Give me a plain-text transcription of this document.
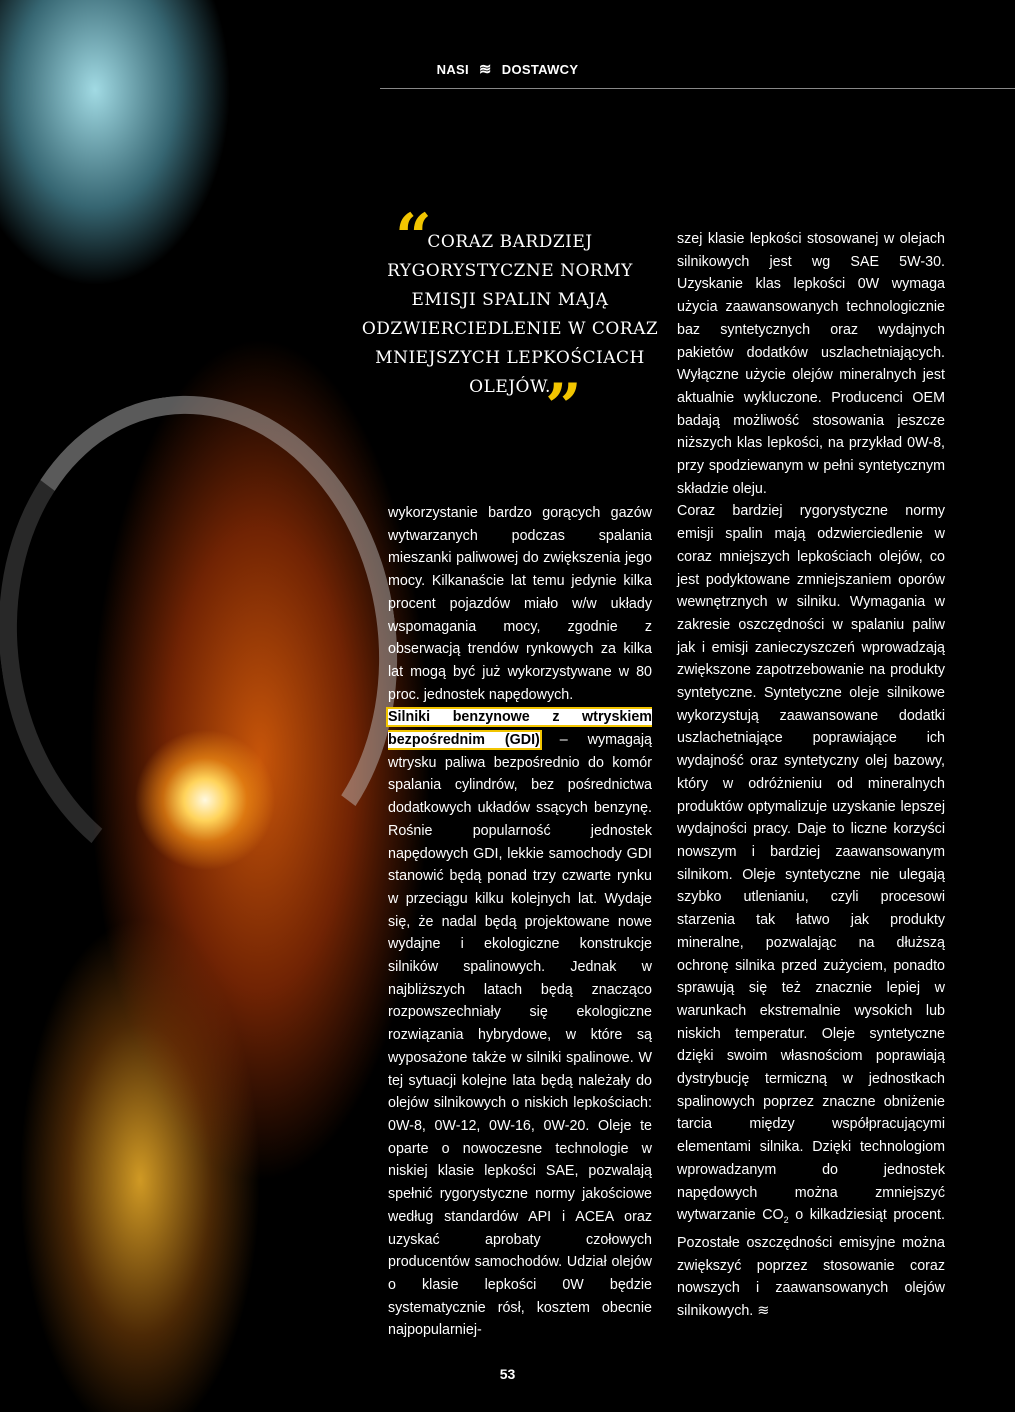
NASI ≋ DOSTAWCY
“
CORAZ BARDZIEJ RYGORYSTYCZNE NORMY EMISJI SPALIN MAJĄ ODZWIERCIEDLENIE W CORAZ MNIEJSZYCH LEPKOŚCIACH OLEJÓW.
”

wykorzystanie bardzo gorących gazów wytwarzanych podczas spalania mieszanki paliwowej do zwiększenia jego mocy. Kilkanaście lat temu jedynie kilka procent pojazdów miało w/w układy wspomagania mocy, zgodnie z obserwacją trendów rynkowych za kilka lat mogą być już wykorzystywane w 80 proc. jednostek napędowych.

Silniki benzynowe z wtryskiem bezpośrednim (GDI) – wymagają wtrysku paliwa bezpośrednio do komór spalania cylindrów, bez pośrednictwa dodatkowych układów ssących benzynę. Rośnie popularność jednostek napędowych GDI, lekkie samochody GDI stanowić będą ponad trzy czwarte rynku w przeciągu kilku kolejnych lat. Wydaje się, że nadal będą projektowane nowe wydajne i ekologiczne konstrukcje silników spalinowych. Jednak w najbliższych latach będą znacząco rozpowszechniały się ekologiczne rozwiązania hybrydowe, w które są wyposażone także w silniki spalinowe. W tej sytuacji kolejne lata będą należały do olejów silnikowych o niskich lepkościach: 0W-8, 0W-12, 0W-16, 0W-20. Oleje te oparte o nowoczesne technologie w niskiej klasie lepkości SAE, pozwalają spełnić rygorystyczne normy jakościowe według standardów API i ACEA oraz uzyskać aprobaty czołowych producentów samochodów. Udział olejów o klasie lepkości 0W będzie systematycznie rósł, kosztem obecnie najpopularniej-

szej klasie lepkości stosowanej w olejach silnikowych jest wg SAE 5W-30. Uzyskanie klas lepkości 0W wymaga użycia zaawansowanych technologicznie baz syntetycznych oraz wydajnych pakietów dodatków uszlachetniających. Wyłączne użycie olejów mineralnych jest aktualnie wykluczone. Producenci OEM badają możliwość stosowania jeszcze niższych klas lepkości, na przykład 0W-8, przy spodziewanym w pełni syntetycznym składzie oleju.

Coraz bardziej rygorystyczne normy emisji spalin mają odzwierciedlenie w coraz mniejszych lepkościach olejów, co jest podyktowane zmniejszaniem oporów wewnętrznych w silniku. Wymagania w zakresie oszczędności w spalaniu paliw jak i emisji zanieczyszczeń wprowadzają zwiększone zapotrzebowanie na produkty syntetyczne. Syntetyczne oleje silnikowe wykorzystują zaawansowane dodatki uszlachetniające poprawiające ich wydajność oraz syntetyczny olej bazowy, który w odróżnieniu od mineralnych produktów optymalizuje uzyskanie lepszej wydajności pracy. Daje to liczne korzyści nowszym i bardziej zaawansowanym silnikom. Oleje syntetyczne nie ulegają szybko utlenianiu, czyli procesowi starzenia tak łatwo jak produkty mineralne, pozwalając na dłuższą ochronę silnika przed zużyciem, ponadto sprawują się też znacznie lepiej w warunkach ekstremalnie wysokich lub niskich temperatur. Oleje syntetyczne dzięki swoim własnościom poprawiają dystrybucję termiczną w jednostkach spalinowych poprzez znaczne obniżenie tarcia między współpracującymi elementami silnika. Dzięki technologiom wprowadzanym do jednostek napędowych można zmniejszyć wytwarzanie $CO_2$ o kilkadziesiąt procent. Pozostałe oszczędności emisyjne można zwiększyć poprzez stosowanie coraz nowszych i zaawansowanych olejów silnikowych. ≋

53
